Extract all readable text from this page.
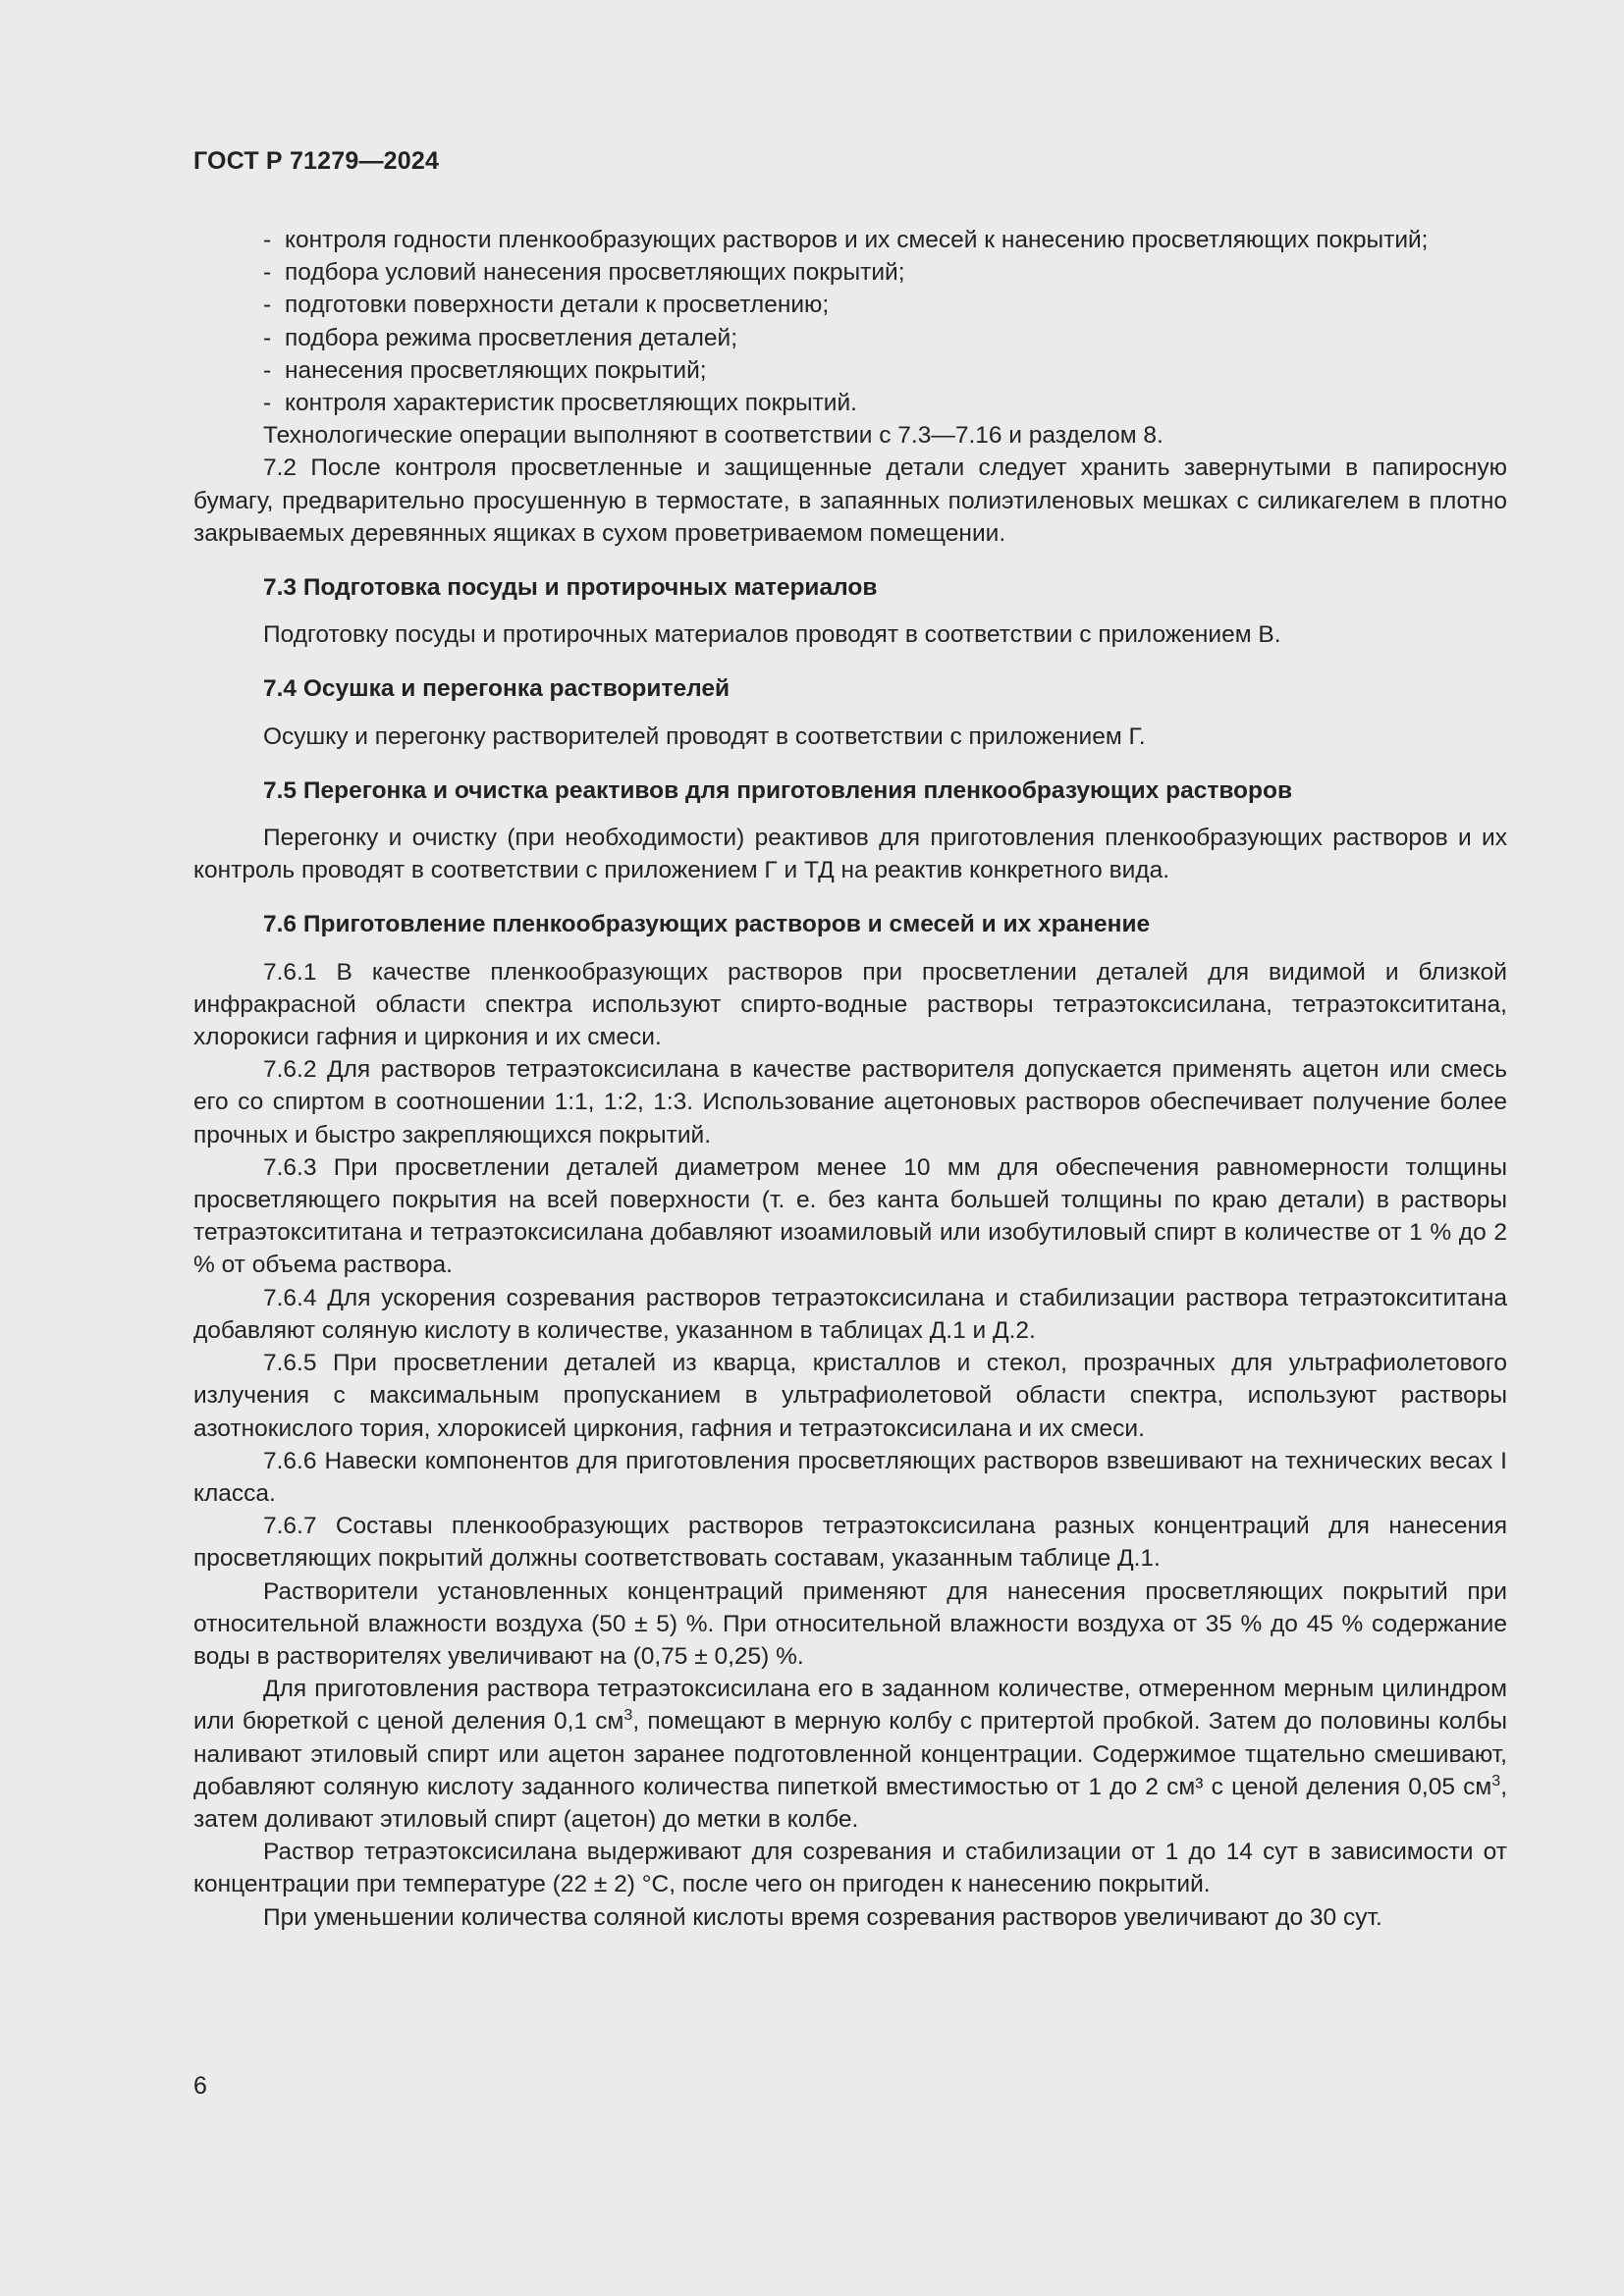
ГОСТ Р 71279—2024

- контроля годности пленкообразующих растворов и их смесей к нанесению просветляющих покрытий;

- подбора условий нанесения просветляющих покрытий;

- подготовки поверхности детали к просветлению;

- подбора режима просветления деталей;

- нанесения просветляющих покрытий;

- контроля характеристик просветляющих покрытий.

Технологические операции выполняют в соответствии с 7.3—7.16 и разделом 8.

7.2 После контроля просветленные и защищенные детали следует хранить завернутыми в папиросную бумагу, предварительно просушенную в термостате, в запаянных полиэтиленовых мешках с силикагелем в плотно закрываемых деревянных ящиках в сухом проветриваемом помещении.

7.3 Подготовка посуды и протирочных материалов

Подготовку посуды и протирочных материалов проводят в соответствии с приложением В.

7.4 Осушка и перегонка растворителей

Осушку и перегонку растворителей проводят в соответствии с приложением Г.

7.5 Перегонка и очистка реактивов для приготовления пленкообразующих растворов

Перегонку и очистку (при необходимости) реактивов для приготовления пленкообразующих растворов и их контроль проводят в соответствии с приложением Г и ТД на реактив конкретного вида.

7.6 Приготовление пленкообразующих растворов и смесей и их хранение

7.6.1 В качестве пленкообразующих растворов при просветлении деталей для видимой и близкой инфракрасной области спектра используют спирто-водные растворы тетраэтоксисилана, тетраэтоксититана, хлорокиси гафния и циркония и их смеси.

7.6.2 Для растворов тетраэтоксисилана в качестве растворителя допускается применять ацетон или смесь его со спиртом в соотношении 1:1, 1:2, 1:3. Использование ацетоновых растворов обеспечивает получение более прочных и быстро закрепляющихся покрытий.

7.6.3 При просветлении деталей диаметром менее 10 мм для обеспечения равномерности толщины просветляющего покрытия на всей поверхности (т. е. без канта большей толщины по краю детали) в растворы тетраэтоксититана и тетраэтоксисилана добавляют изоамиловый или изобутиловый спирт в количестве от 1 % до 2 % от объема раствора.

7.6.4 Для ускорения созревания растворов тетраэтоксисилана и стабилизации раствора тетраэтоксититана добавляют соляную кислоту в количестве, указанном в таблицах Д.1 и Д.2.

7.6.5 При просветлении деталей из кварца, кристаллов и стекол, прозрачных для ультрафиолетового излучения с максимальным пропусканием в ультрафиолетовой области спектра, используют растворы азотнокислого тория, хлорокисей циркония, гафния и тетраэтоксисилана и их смеси.

7.6.6 Навески компонентов для приготовления просветляющих растворов взвешивают на технических весах I класса.

7.6.7 Составы пленкообразующих растворов тетраэтоксисилана разных концентраций для нанесения просветляющих покрытий должны соответствовать составам, указанным таблице Д.1.

Растворители установленных концентраций применяют для нанесения просветляющих покрытий при относительной влажности воздуха (50 ± 5) %. При относительной влажности воздуха от 35 % до 45 % содержание воды в растворителях увеличивают на (0,75 ± 0,25) %.

Для приготовления раствора тетраэтоксисилана его в заданном количестве, отмеренном мерным цилиндром или бюреткой с ценой деления 0,1 $см^3$, помещают в мерную колбу с притертой пробкой. Затем до половины колбы наливают этиловый спирт или ацетон заранее подготовленной концентрации. Содержимое тщательно смешивают, добавляют соляную кислоту заданного количества пипеткой вместимостью от 1 до 2 см³ с ценой деления 0,05 $см^3$, затем доливают этиловый спирт (ацетон) до метки в колбе.

Раствор тетраэтоксисилана выдерживают для созревания и стабилизации от 1 до 14 сут в зависимости от концентрации при температуре (22 ± 2) °С, после чего он пригоден к нанесению покрытий.

При уменьшении количества соляной кислоты время созревания растворов увеличивают до 30 сут.

6
